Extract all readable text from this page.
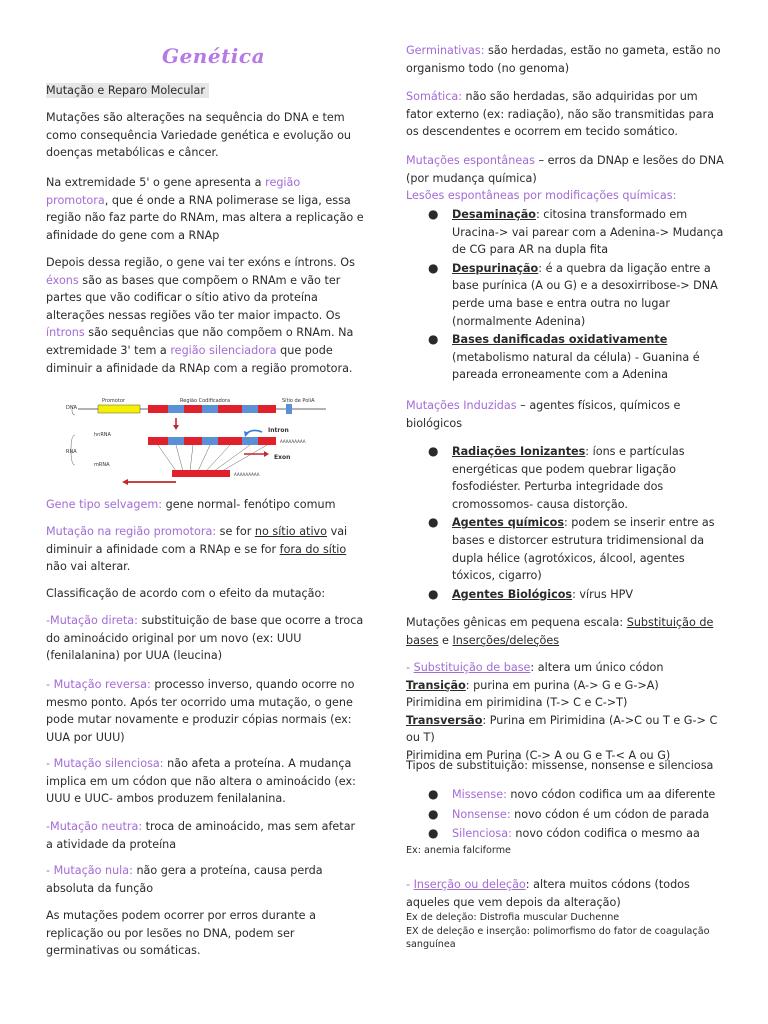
Genética
Mutação e Reparo Molecular

Mutações são alterações na sequência do DNA e tem como consequência Variedade genética e evolução ou doenças metabólicas e câncer.

Na extremidade 5' o gene apresenta a região promotora, que é onde a RNA polimerase se liga, essa região não faz parte do RNAm, mas altera a replicação e afinidade do gene com a RNAp

Depois dessa região, o gene vai ter exóns e íntrons. Os éxons são as bases que compõem o RNAm e vão ter partes que vão codificar o sítio ativo da proteína alterações nessas regiões vão ter maior impacto. Os íntrons são sequências que não compõem o RNAm. Na extremidade 3' tem a região silenciadora que pode diminuir a afinidade da RNAp com a região promotora.

Promotor	Região Codificadora	Sítio de PoliA
DNA
RNA
hnRNA
AAAAAAAAA
Intron
Exon
mRNA
AAAAAAAAA

Gene tipo selvagem: gene normal- fenótipo comum

Mutação na região promotora: se for no sítio ativo vai diminuir a afinidade com a RNAp e se for fora do sítio não vai alterar.

Classificação de acordo com o efeito da mutação:

-Mutação direta: substituição de base que ocorre a troca do aminoácido original por um novo (ex: UUU (fenilalanina) por UUA (leucina)

- Mutação reversa: processo inverso, quando ocorre no mesmo ponto. Após ter ocorrido uma mutação, o gene pode mutar novamente e produzir cópias normais (ex: UUA por UUU)

- Mutação silenciosa: não afeta a proteína. A mudança implica em um códon que não altera o aminoácido (ex: UUU e UUC- ambos produzem fenilalanina.

-Mutação neutra: troca de aminoácido, mas sem afetar a atividade da proteína

- Mutação nula: não gera a proteína, causa perda absoluta da função

As mutações podem ocorrer por erros durante a replicação ou por lesões no DNA, podem ser germinativas ou somáticas.

Germinativas: são herdadas, estão no gameta, estão no organismo todo (no genoma)

Somática: não são herdadas, são adquiridas por um fator externo (ex: radiação), não são transmitidas para os descendentes e ocorrem em tecido somático.

Mutações espontâneas – erros da DNAp e lesões do DNA (por mudança química)
Lesões espontâneas por modificações químicas:

● Desaminação: citosina transformado em Uracina-> vai parear com a Adenina-> Mudança de CG para AR na dupla fita
● Despurinação: é a quebra da ligação entre a base purínica (A ou G) e a desoxirribose-> DNA perde uma base e entra outra no lugar (normalmente Adenina)
● Bases danificadas oxidativamente (metabolismo natural da célula) - Guanina é pareada erroneamente com a Adenina

Mutações Induzidas – agentes físicos, químicos e biológicos

● Radiações Ionizantes: íons e partículas energéticas que podem quebrar ligação fosfodiéster. Perturba integridade dos cromossomos- causa distorção.
● Agentes químicos: podem se inserir entre as bases e distorcer estrutura tridimensional da dupla hélice (agrotóxicos, álcool, agentes tóxicos, cigarro)
● Agentes Biológicos: vírus HPV

Mutações gênicas em pequena escala: Substituição de bases e Inserções/deleções

- Substituição de base: altera um único códon
Transição: purina em purina (A-> G e G->A)
Pirimidina em pirimidina (T-> C e C->T)
Transversão: Purina em Pirimidina (A->C ou T e G-> C ou T)
Pirimidina em Purina (C-> A ou G e T-< A ou G)

Tipos de substituição: missense, nonsense e silenciosa

● Missense: novo códon codifica um aa diferente
● Nonsense: novo códon é um códon de parada
● Silenciosa: novo códon codifica o mesmo aa

Ex: anemia falciforme

- Inserção ou deleção: altera muitos códons (todos aqueles que vem depois da alteração)

Ex de deleção: Distrofia muscular Duchenne

EX de deleção e inserção: polimorfismo do fator de coagulação sanguínea
